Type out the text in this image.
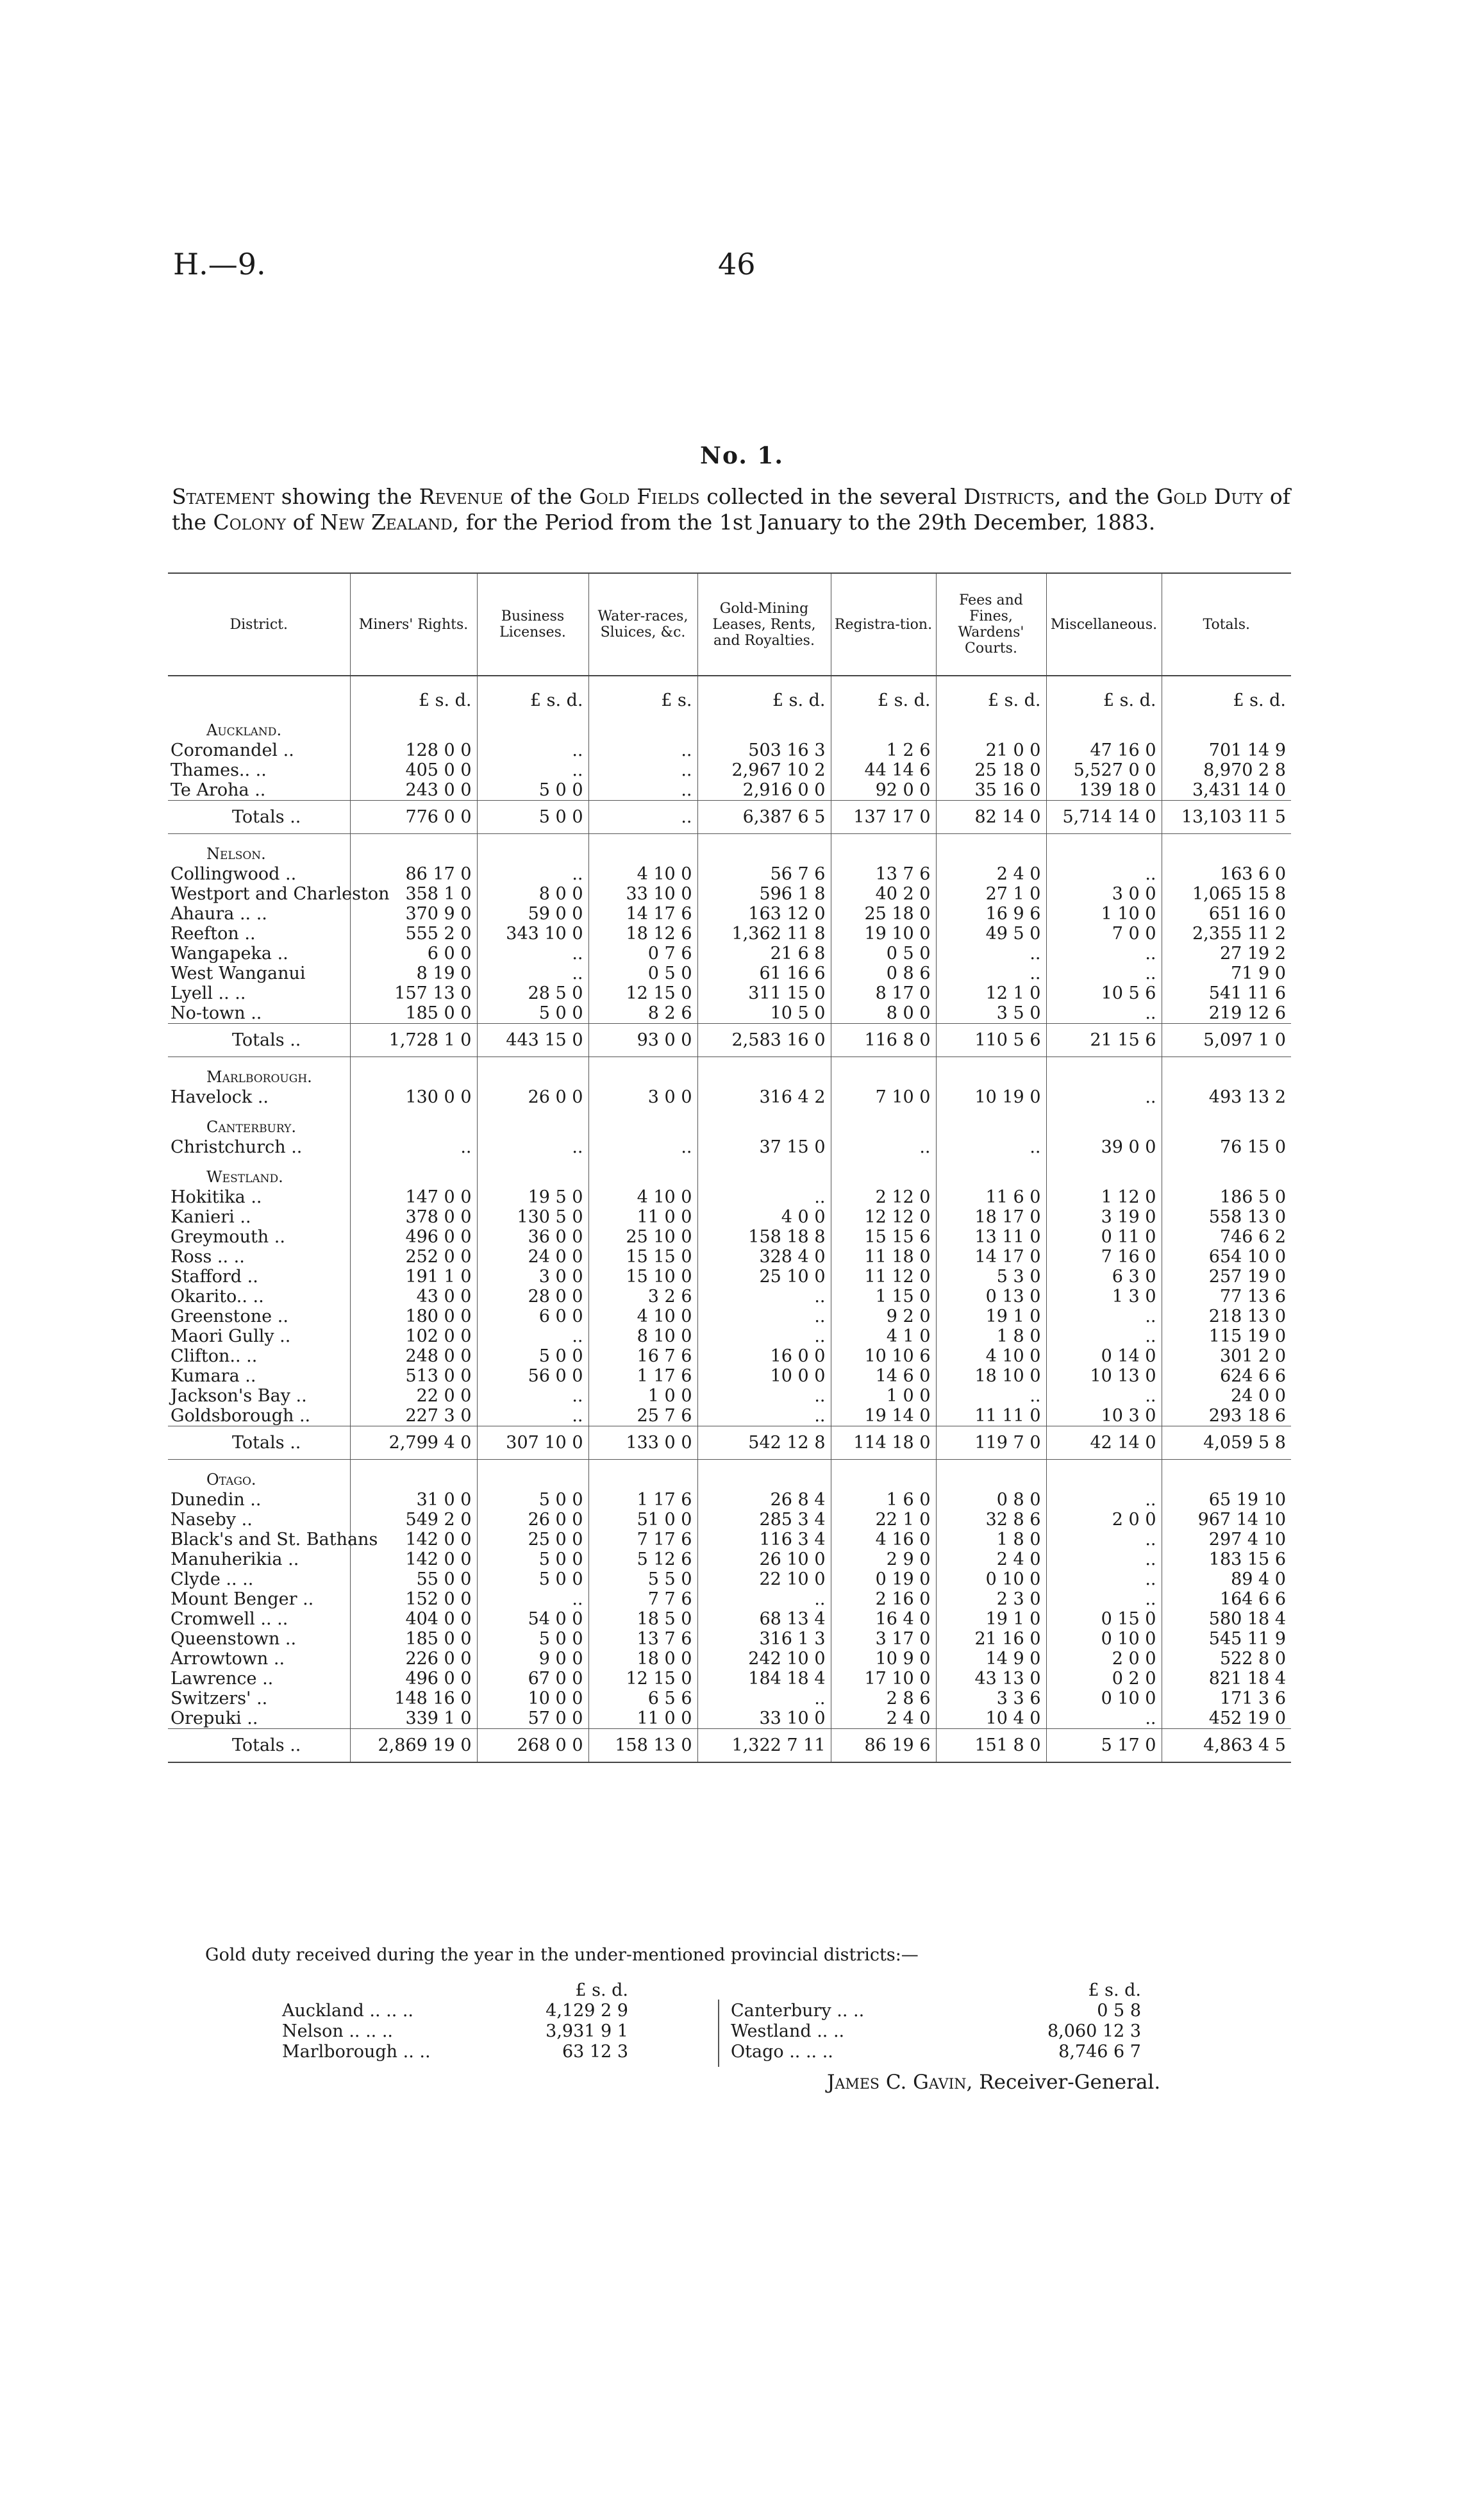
H.—9.	46
No. 1.
Statement showing the Revenue of the Gold Fields collected in the several Districts, and the Gold Duty of the Colony of New Zealand, for the Period from the 1st January to the 29th December, 1883.
District.	Miners' Rights.	Business Licenses.	Water-races, Sluices, &c.	Gold-Mining Leases, Rents, and Royalties.	Registra-tion.	Fees and Fines, Wardens' Courts.	Miscellaneous.	Totals.
	£ s. d.	£ s. d.	£ s.	£ s. d.	£ s. d.	£ s. d.	£ s. d.	£ s. d.
Auckland.								
Coromandel ..	128 0 0	..	..	503 16 3	1 2 6	21 0 0	47 16 0	701 14 9
Thames.. ..	405 0 0	..	..	2,967 10 2	44 14 6	25 18 0	5,527 0 0	8,970 2 8
Te Aroha ..	243 0 0	5 0 0	..	2,916 0 0	92 0 0	35 16 0	139 18 0	3,431 14 0
Totals ..	776 0 0	5 0 0	..	6,387 6 5	137 17 0	82 14 0	5,714 14 0	13,103 11 5
Nelson.								
Collingwood ..	86 17 0	..	4 10 0	56 7 6	13 7 6	2 4 0	..	163 6 0
Westport and Charleston	358 1 0	8 0 0	33 10 0	596 1 8	40 2 0	27 1 0	3 0 0	1,065 15 8
Ahaura .. ..	370 9 0	59 0 0	14 17 6	163 12 0	25 18 0	16 9 6	1 10 0	651 16 0
Reefton ..	555 2 0	343 10 0	18 12 6	1,362 11 8	19 10 0	49 5 0	7 0 0	2,355 11 2
Wangapeka ..	6 0 0	..	0 7 6	21 6 8	0 5 0	..	..	27 19 2
West Wanganui	8 19 0	..	0 5 0	61 16 6	0 8 6	..	..	71 9 0
Lyell .. ..	157 13 0	28 5 0	12 15 0	311 15 0	8 17 0	12 1 0	10 5 6	541 11 6
No-town ..	185 0 0	5 0 0	8 2 6	10 5 0	8 0 0	3 5 0	..	219 12 6
Totals ..	1,728 1 0	443 15 0	93 0 0	2,583 16 0	116 8 0	110 5 6	21 15 6	5,097 1 0
Marlborough.								
Havelock ..	130 0 0	26 0 0	3 0 0	316 4 2	7 10 0	10 19 0	..	493 13 2
Canterbury.								
Christchurch ..	..	..	..	37 15 0	..	..	39 0 0	76 15 0
Westland.								
Hokitika ..	147 0 0	19 5 0	4 10 0	..	2 12 0	11 6 0	1 12 0	186 5 0
Kanieri ..	378 0 0	130 5 0	11 0 0	4 0 0	12 12 0	18 17 0	3 19 0	558 13 0
Greymouth ..	496 0 0	36 0 0	25 10 0	158 18 8	15 15 6	13 11 0	0 11 0	746 6 2
Ross .. ..	252 0 0	24 0 0	15 15 0	328 4 0	11 18 0	14 17 0	7 16 0	654 10 0
Stafford ..	191 1 0	3 0 0	15 10 0	25 10 0	11 12 0	5 3 0	6 3 0	257 19 0
Okarito.. ..	43 0 0	28 0 0	3 2 6	..	1 15 0	0 13 0	1 3 0	77 13 6
Greenstone ..	180 0 0	6 0 0	4 10 0	..	9 2 0	19 1 0	..	218 13 0
Maori Gully ..	102 0 0	..	8 10 0	..	4 1 0	1 8 0	..	115 19 0
Clifton.. ..	248 0 0	5 0 0	16 7 6	16 0 0	10 10 6	4 10 0	0 14 0	301 2 0
Kumara ..	513 0 0	56 0 0	1 17 6	10 0 0	14 6 0	18 10 0	10 13 0	624 6 6
Jackson's Bay ..	22 0 0	..	1 0 0	..	1 0 0	..	..	24 0 0
Goldsborough ..	227 3 0	..	25 7 6	..	19 14 0	11 11 0	10 3 0	293 18 6
Totals ..	2,799 4 0	307 10 0	133 0 0	542 12 8	114 18 0	119 7 0	42 14 0	4,059 5 8
Otago.								
Dunedin ..	31 0 0	5 0 0	1 17 6	26 8 4	1 6 0	0 8 0	..	65 19 10
Naseby ..	549 2 0	26 0 0	51 0 0	285 3 4	22 1 0	32 8 6	2 0 0	967 14 10
Black's and St. Bathans	142 0 0	25 0 0	7 17 6	116 3 4	4 16 0	1 8 0	..	297 4 10
Manuherikia ..	142 0 0	5 0 0	5 12 6	26 10 0	2 9 0	2 4 0	..	183 15 6
Clyde .. ..	55 0 0	5 0 0	5 5 0	22 10 0	0 19 0	0 10 0	..	89 4 0
Mount Benger ..	152 0 0	..	7 7 6	..	2 16 0	2 3 0	..	164 6 6
Cromwell .. ..	404 0 0	54 0 0	18 5 0	68 13 4	16 4 0	19 1 0	0 15 0	580 18 4
Queenstown ..	185 0 0	5 0 0	13 7 6	316 1 3	3 17 0	21 16 0	0 10 0	545 11 9
Arrowtown ..	226 0 0	9 0 0	18 0 0	242 10 0	10 9 0	14 9 0	2 0 0	522 8 0
Lawrence ..	496 0 0	67 0 0	12 15 0	184 18 4	17 10 0	43 13 0	0 2 0	821 18 4
Switzers' ..	148 16 0	10 0 0	6 5 6	..	2 8 6	3 3 6	0 10 0	171 3 6
Orepuki ..	339 1 0	57 0 0	11 0 0	33 10 0	2 4 0	10 4 0	..	452 19 0
Totals ..	2,869 19 0	268 0 0	158 13 0	1,322 7 11	86 19 6	151 8 0	5 17 0	4,863 4 5
Gold duty received during the year in the under-mentioned provincial districts:—
£ s. d.
Auckland .. .. ..	4,129 2 9
Nelson .. .. ..	3,931 9 1
Marlborough .. ..	63 12 3
£ s. d.
Canterbury .. ..	0 5 8
Westland .. ..	8,060 12 3
Otago .. .. ..	8,746 6 7
James C. Gavin, Receiver-General.
